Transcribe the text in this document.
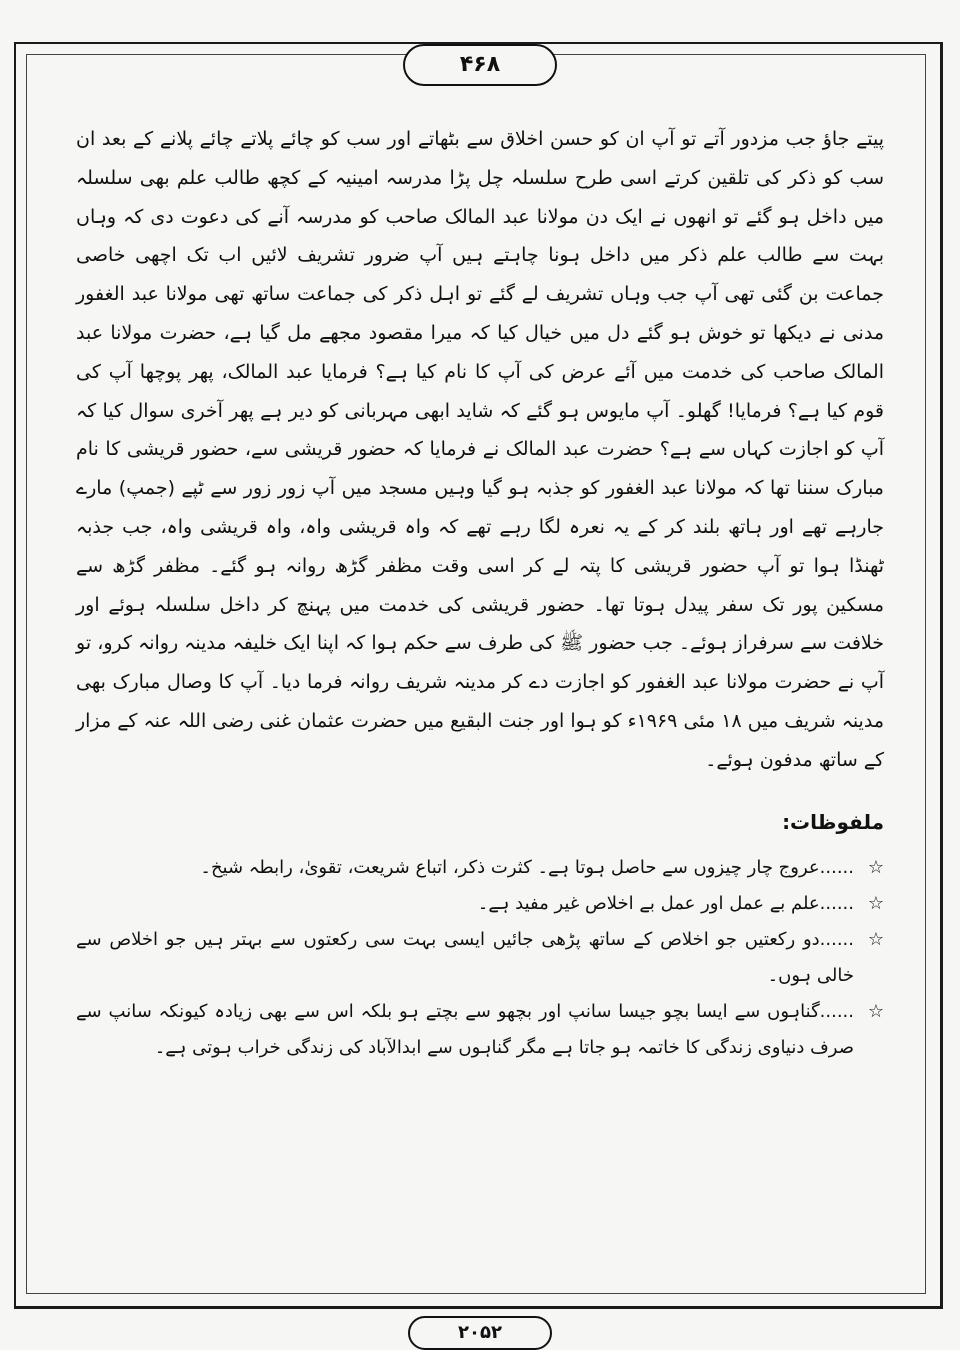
۴۶۸

پیتے جاؤ جب مزدور آتے تو آپ ان کو حسن اخلاق سے بٹھاتے اور سب کو چائے پلاتے چائے پلانے کے بعد ان سب کو ذکر کی تلقین کرتے اسی طرح سلسلہ چل پڑا مدرسہ امینیہ کے کچھ طالب علم بھی سلسلہ میں داخل ہو گئے تو انھوں نے ایک دن مولانا عبد المالک صاحب کو مدرسہ آنے کی دعوت دی کہ وہاں بہت سے طالب علم ذکر میں داخل ہونا چاہتے ہیں آپ ضرور تشریف لائیں اب تک اچھی خاصی جماعت بن گئی تھی آپ جب وہاں تشریف لے گئے تو اہل ذکر کی جماعت ساتھ تھی مولانا عبد الغفور مدنی نے دیکھا تو خوش ہو گئے دل میں خیال کیا کہ میرا مقصود مجھے مل گیا ہے، حضرت مولانا عبد المالک صاحب کی خدمت میں آئے عرض کی آپ کا نام کیا ہے؟ فرمایا عبد المالک، پھر پوچھا آپ کی قوم کیا ہے؟ فرمایا! گھلو۔ آپ مایوس ہو گئے کہ شاید ابھی مہربانی کو دیر ہے پھر آخری سوال کیا کہ آپ کو اجازت کہاں سے ہے؟ حضرت عبد المالک نے فرمایا کہ حضور قریشی سے، حضور قریشی کا نام مبارک سننا تھا کہ مولانا عبد الغفور کو جذبہ ہو گیا وہیں مسجد میں آپ زور زور سے ٹپے (جمپ) مارے جارہے تھے اور ہاتھ بلند کر کے یہ نعرہ لگا رہے تھے کہ واہ قریشی واہ، واہ قریشی واہ، جب جذبہ ٹھنڈا ہوا تو آپ حضور قریشی کا پتہ لے کر اسی وقت مظفر گڑھ روانہ ہو گئے۔ مظفر گڑھ سے مسکین پور تک سفر پیدل ہوتا تھا۔ حضور قریشی کی خدمت میں پہنچ کر داخل سلسلہ ہوئے اور خلافت سے سرفراز ہوئے۔ جب حضور ﷺ کی طرف سے حکم ہوا کہ اپنا ایک خلیفہ مدینہ روانہ کرو، تو آپ نے حضرت مولانا عبد الغفور کو اجازت دے کر مدینہ شریف روانہ فرما دیا۔ آپ کا وصال مبارک بھی مدینہ شریف میں ۱۸ مئی ۱۹۶۹ء کو ہوا اور جنت البقیع میں حضرت عثمان غنی رضی اللہ عنہ کے مزار کے ساتھ مدفون ہوئے۔

ملفوظات:
☆
......عروج چار چیزوں سے حاصل ہوتا ہے۔ کثرت ذکر، اتباع شریعت، تقویٰ، رابطہ شیخ۔
☆
......علم بے عمل اور عمل بے اخلاص غیر مفید ہے۔
☆
......دو رکعتیں جو اخلاص کے ساتھ پڑھی جائیں ایسی بہت سی رکعتوں سے بہتر ہیں جو اخلاص سے خالی ہوں۔
☆
......گناہوں سے ایسا بچو جیسا سانپ اور بچھو سے بچتے ہو بلکہ اس سے بھی زیادہ کیونکہ سانپ سے صرف دنیاوی زندگی کا خاتمہ ہو جاتا ہے مگر گناہوں سے ابدالآباد کی زندگی خراب ہوتی ہے۔
۲۰۵۲
